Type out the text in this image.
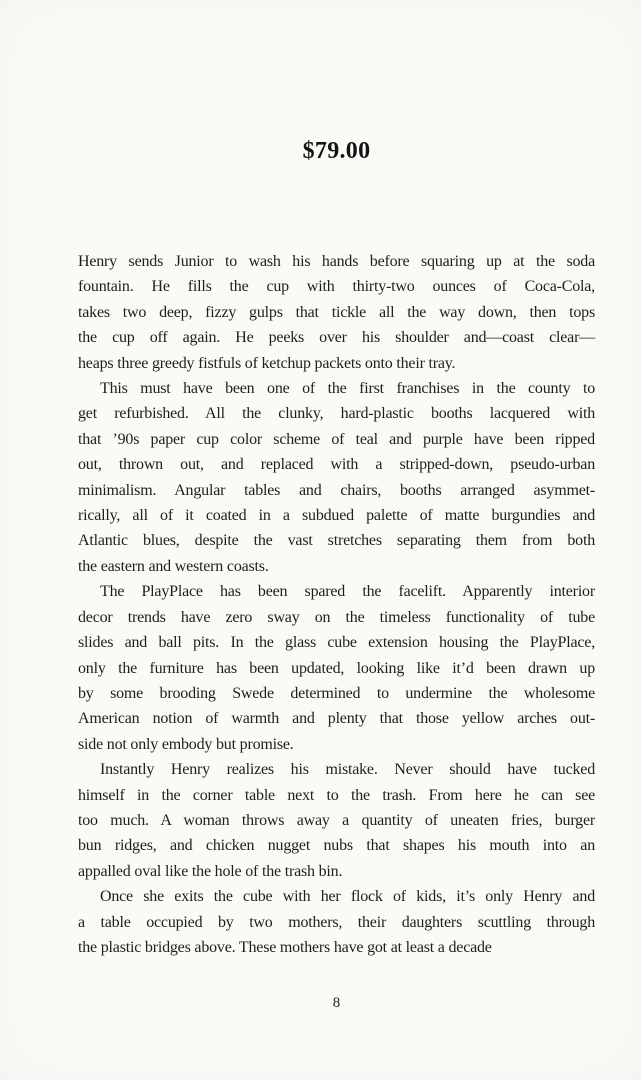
$79.00
Henry sends Junior to wash his hands before squaring up at the soda
fountain. He fills the cup with thirty-two ounces of Coca-Cola,
takes two deep, fizzy gulps that tickle all the way down, then tops
the cup off again. He peeks over his shoulder and—coast clear—
heaps three greedy fistfuls of ketchup packets onto their tray.
This must have been one of the first franchises in the county to
get refurbished. All the clunky, hard-plastic booths lacquered with
that ’90s paper cup color scheme of teal and purple have been ripped
out, thrown out, and replaced with a stripped-down, pseudo-urban
minimalism. Angular tables and chairs, booths arranged asymmet-
rically, all of it coated in a subdued palette of matte burgundies and
Atlantic blues, despite the vast stretches separating them from both
the eastern and western coasts.
The PlayPlace has been spared the facelift. Apparently interior
decor trends have zero sway on the timeless functionality of tube
slides and ball pits. In the glass cube extension housing the PlayPlace,
only the furniture has been updated, looking like it’d been drawn up
by some brooding Swede determined to undermine the wholesome
American notion of warmth and plenty that those yellow arches out-
side not only embody but promise.
Instantly Henry realizes his mistake. Never should have tucked
himself in the corner table next to the trash. From here he can see
too much. A woman throws away a quantity of uneaten fries, burger
bun ridges, and chicken nugget nubs that shapes his mouth into an
appalled oval like the hole of the trash bin.
Once she exits the cube with her flock of kids, it’s only Henry and
a table occupied by two mothers, their daughters scuttling through
the plastic bridges above. These mothers have got at least a decade
8
